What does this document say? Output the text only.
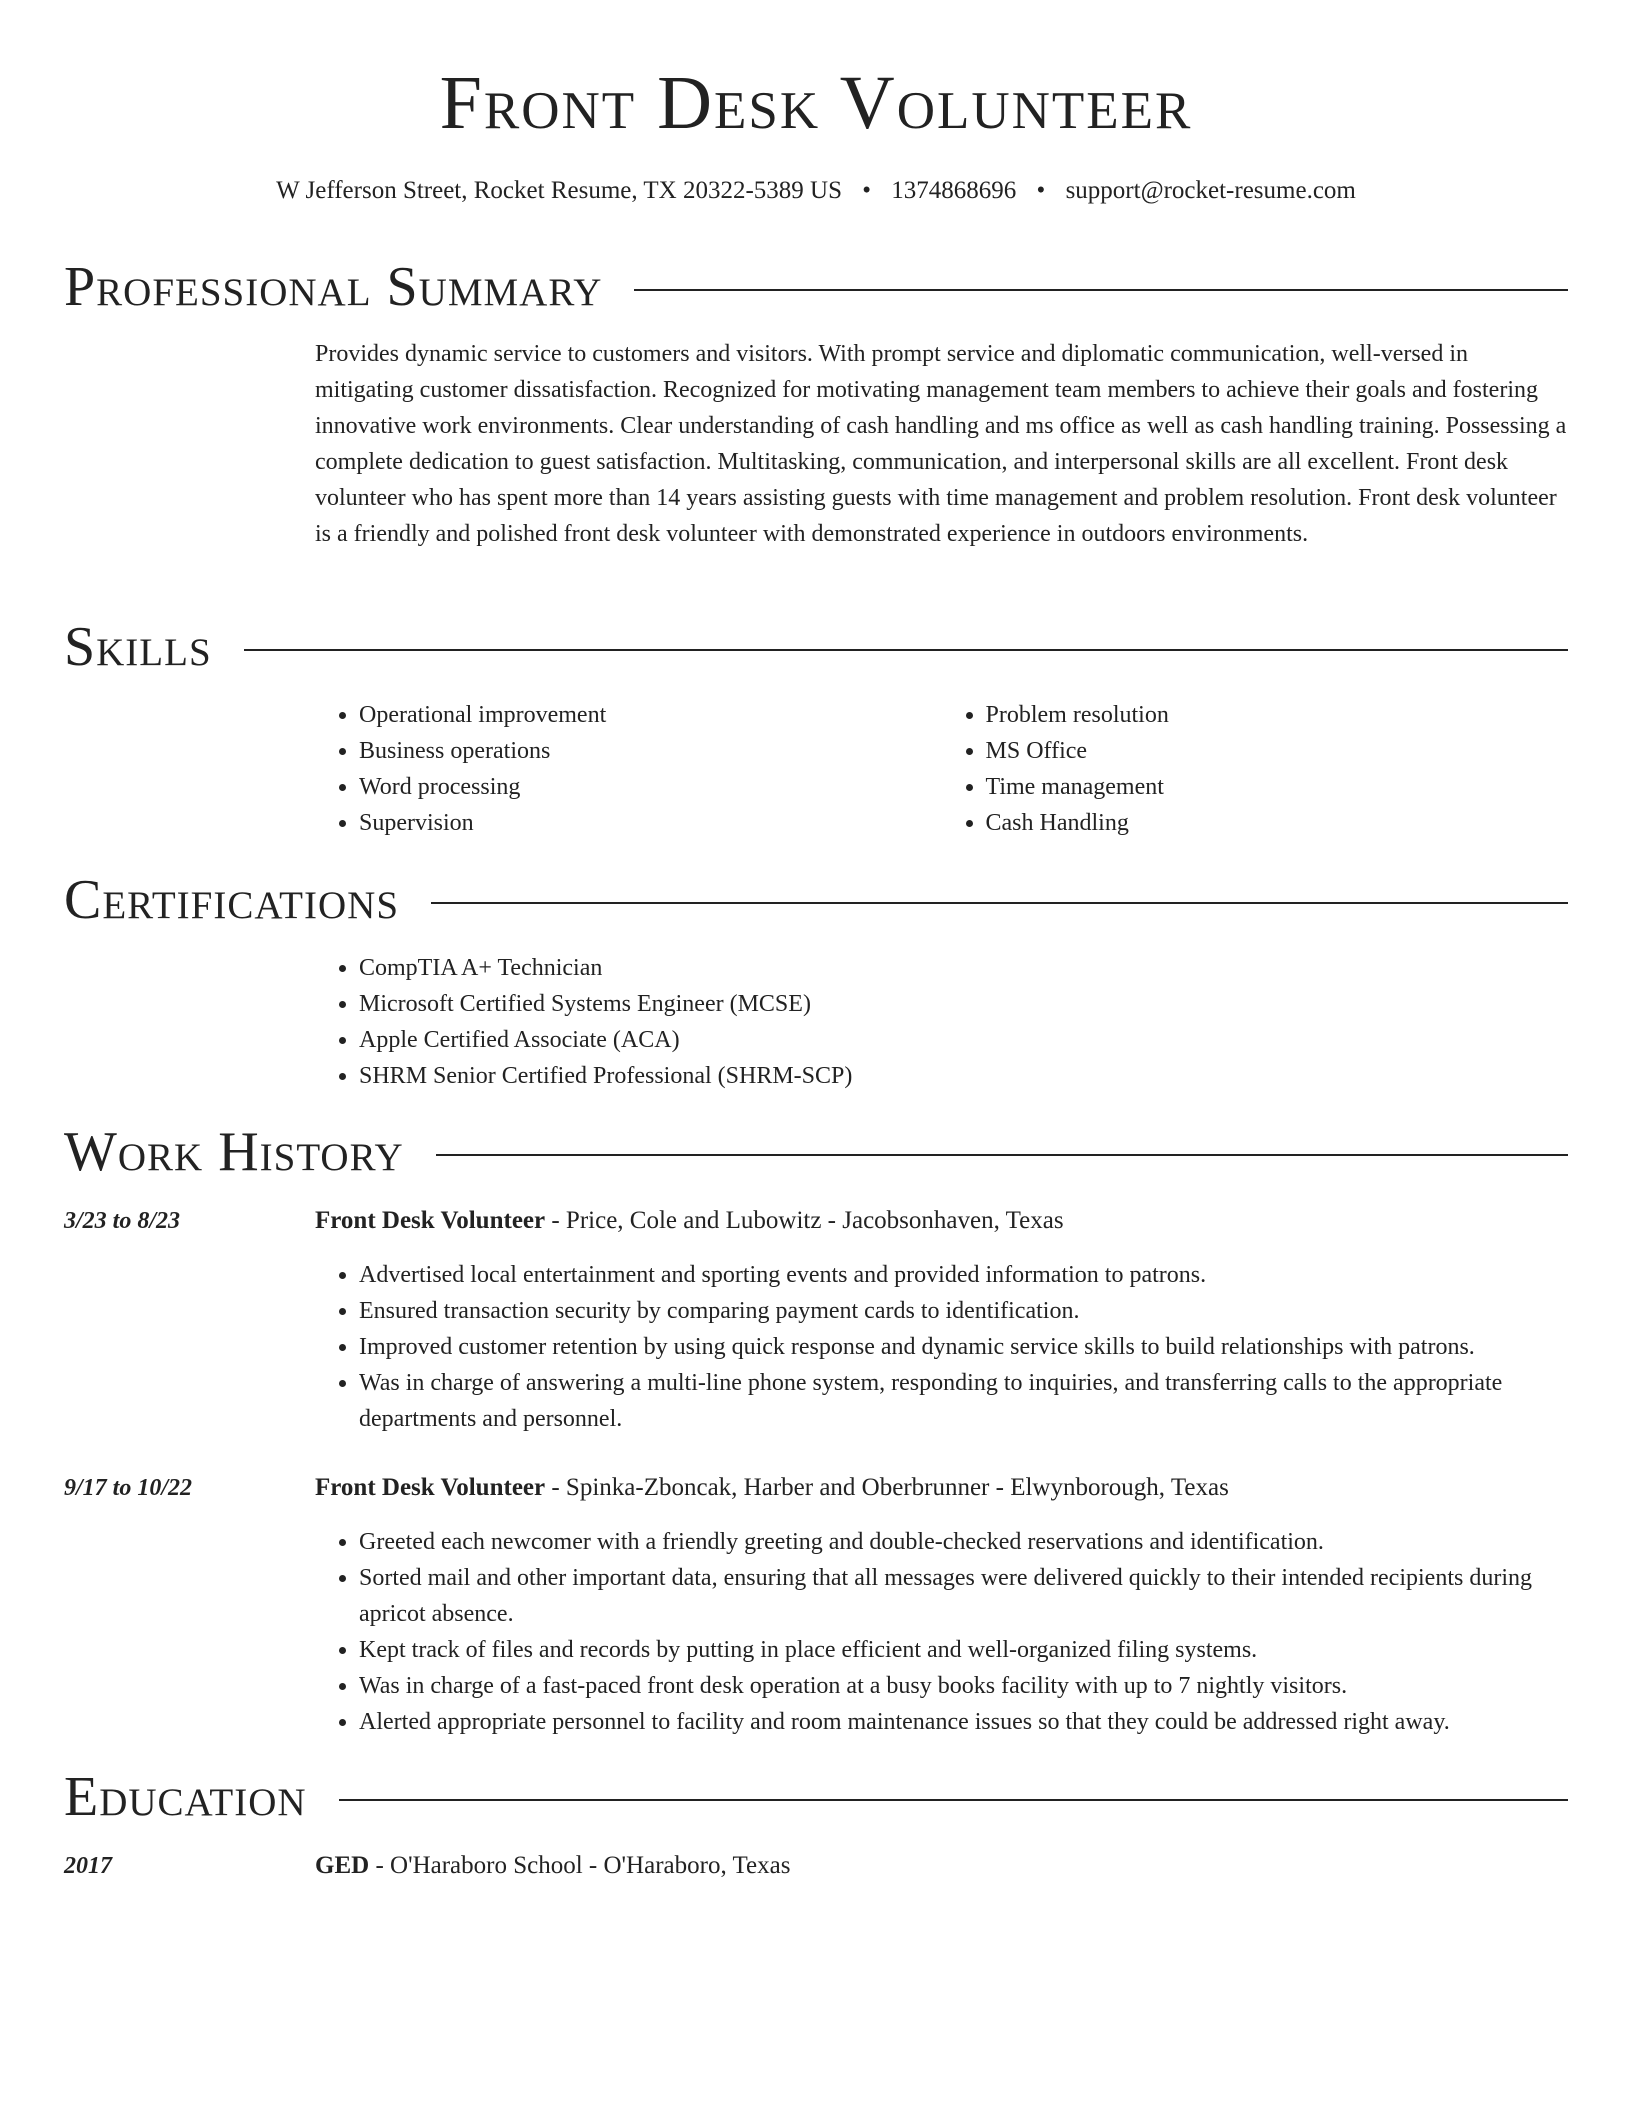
Front Desk Volunteer
W Jefferson Street, Rocket Resume, TX 20322-5389 US • 1374868696 • support@rocket-resume.com
Professional Summary

Provides dynamic service to customers and visitors. With prompt service and diplomatic communication, well-versed in mitigating customer dissatisfaction. Recognized for motivating management team members to achieve their goals and fostering innovative work environments. Clear understanding of cash handling and ms office as well as cash handling training. Possessing a complete dedication to guest satisfaction. Multitasking, communication, and interpersonal skills are all excellent. Front desk volunteer who has spent more than 14 years assisting guests with time management and problem resolution. Front desk volunteer is a friendly and polished front desk volunteer with demonstrated experience in outdoors environments.

Skills
• Operational improvement
• Business operations
• Word processing
• Supervision
• Problem resolution
• MS Office
• Time management
• Cash Handling
Certifications
• CompTIA A+ Technician
• Microsoft Certified Systems Engineer (MCSE)
• Apple Certified Associate (ACA)
• SHRM Senior Certified Professional (SHRM-SCP)
Work History
3/23 to 8/23	Front Desk Volunteer - Price, Cole and Lubowitz - Jacobsonhaven, Texas
• Advertised local entertainment and sporting events and provided information to patrons.
• Ensured transaction security by comparing payment cards to identification.
• Improved customer retention by using quick response and dynamic service skills to build relationships with patrons.
• Was in charge of answering a multi-line phone system, responding to inquiries, and transferring calls to the appropriate departments and personnel.
9/17 to 10/22	Front Desk Volunteer - Spinka-Zboncak, Harber and Oberbrunner - Elwynborough, Texas
• Greeted each newcomer with a friendly greeting and double-checked reservations and identification.
• Sorted mail and other important data, ensuring that all messages were delivered quickly to their intended recipients during apricot absence.
• Kept track of files and records by putting in place efficient and well-organized filing systems.
• Was in charge of a fast-paced front desk operation at a busy books facility with up to 7 nightly visitors.
• Alerted appropriate personnel to facility and room maintenance issues so that they could be addressed right away.
Education
2017	GED - O'Haraboro School - O'Haraboro, Texas
